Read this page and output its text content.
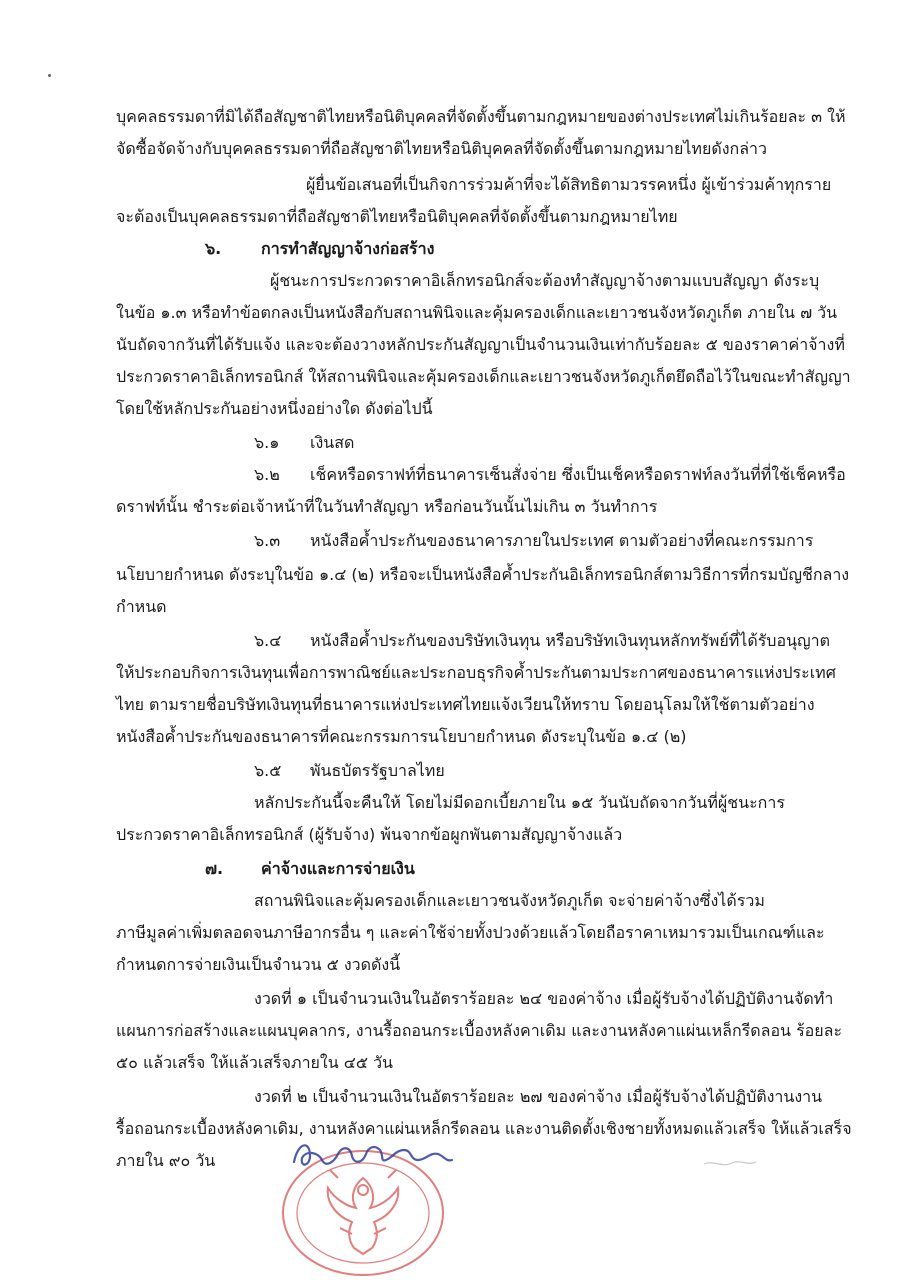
บุคคลธรรมดาที่มิได้ถือสัญชาติไทยหรือนิติบุคคลที่จัดตั้งขึ้นตามกฎหมายของต่างประเทศไม่เกินร้อยละ ๓ ให้

จัดซื้อจัดจ้างกับบุคคลธรรมดาที่ถือสัญชาติไทยหรือนิติบุคคลที่จัดตั้งขึ้นตามกฎหมายไทยดังกล่าว

ผู้ยื่นข้อเสนอที่เป็นกิจการร่วมค้าที่จะได้สิทธิตามวรรคหนึ่ง ผู้เข้าร่วมค้าทุกราย

จะต้องเป็นบุคคลธรรมดาที่ถือสัญชาติไทยหรือนิติบุคคลที่จัดตั้งขึ้นตามกฎหมายไทย

๖. การทำสัญญาจ้างก่อสร้าง

ผู้ชนะการประกวดราคาอิเล็กทรอนิกส์จะต้องทำสัญญาจ้างตามแบบสัญญา ดังระบุ

ในข้อ ๑.๓ หรือทำข้อตกลงเป็นหนังสือกับสถานพินิจและคุ้มครองเด็กและเยาวชนจังหวัดภูเก็ต ภายใน ๗ วัน

นับถัดจากวันที่ได้รับแจ้ง และจะต้องวางหลักประกันสัญญาเป็นจำนวนเงินเท่ากับร้อยละ ๕ ของราคาค่าจ้างที่

ประกวดราคาอิเล็กทรอนิกส์ ให้สถานพินิจและคุ้มครองเด็กและเยาวชนจังหวัดภูเก็ตยึดถือไว้ในขณะทำสัญญา

โดยใช้หลักประกันอย่างหนึ่งอย่างใด ดังต่อไปนี้

๖.๑ เงินสด

๖.๒ เช็คหรือดราฟท์ที่ธนาคารเซ็นสั่งจ่าย ซึ่งเป็นเช็คหรือดราฟท์ลงวันที่ที่ใช้เช็คหรือ

ดราฟท์นั้น ชำระต่อเจ้าหน้าที่ในวันทำสัญญา หรือก่อนวันนั้นไม่เกิน ๓ วันทำการ

๖.๓ หนังสือค้ำประกันของธนาคารภายในประเทศ ตามตัวอย่างที่คณะกรรมการ

นโยบายกำหนด ดังระบุในข้อ ๑.๔ (๒) หรือจะเป็นหนังสือค้ำประกันอิเล็กทรอนิกส์ตามวิธีการที่กรมบัญชีกลาง

กำหนด

๖.๔ หนังสือค้ำประกันของบริษัทเงินทุน หรือบริษัทเงินทุนหลักทรัพย์ที่ได้รับอนุญาต

ให้ประกอบกิจการเงินทุนเพื่อการพาณิชย์และประกอบธุรกิจค้ำประกันตามประกาศของธนาคารแห่งประเทศ

ไทย ตามรายชื่อบริษัทเงินทุนที่ธนาคารแห่งประเทศไทยแจ้งเวียนให้ทราบ โดยอนุโลมให้ใช้ตามตัวอย่าง

หนังสือค้ำประกันของธนาคารที่คณะกรรมการนโยบายกำหนด ดังระบุในข้อ ๑.๔ (๒)

๖.๕ พันธบัตรรัฐบาลไทย

หลักประกันนี้จะคืนให้ โดยไม่มีดอกเบี้ยภายใน ๑๕ วันนับถัดจากวันที่ผู้ชนะการ

ประกวดราคาอิเล็กทรอนิกส์ (ผู้รับจ้าง) พ้นจากข้อผูกพันตามสัญญาจ้างแล้ว

๗. ค่าจ้างและการจ่ายเงิน

สถานพินิจและคุ้มครองเด็กและเยาวชนจังหวัดภูเก็ต จะจ่ายค่าจ้างซึ่งได้รวม

ภาษีมูลค่าเพิ่มตลอดจนภาษีอากรอื่น ๆ และค่าใช้จ่ายทั้งปวงด้วยแล้วโดยถือราคาเหมารวมเป็นเกณฑ์และ

กำหนดการจ่ายเงินเป็นจำนวน ๕ งวดดังนี้

งวดที่ ๑ เป็นจำนวนเงินในอัตราร้อยละ ๒๔ ของค่าจ้าง เมื่อผู้รับจ้างได้ปฏิบัติงานจัดทำ

แผนการก่อสร้างและแผนบุคลากร, งานรื้อถอนกระเบื้องหลังคาเดิม และงานหลังคาแผ่นเหล็กรีดลอน ร้อยละ

๕๐ แล้วเสร็จ ให้แล้วเสร็จภายใน ๔๕ วัน

งวดที่ ๒ เป็นจำนวนเงินในอัตราร้อยละ ๒๗ ของค่าจ้าง เมื่อผู้รับจ้างได้ปฏิบัติงานงาน

รื้อถอนกระเบื้องหลังคาเดิม, งานหลังคาแผ่นเหล็กรีดลอน และงานติดตั้งเชิงชายทั้งหมดแล้วเสร็จ ให้แล้วเสร็จ

ภายใน ๙๐ วัน
